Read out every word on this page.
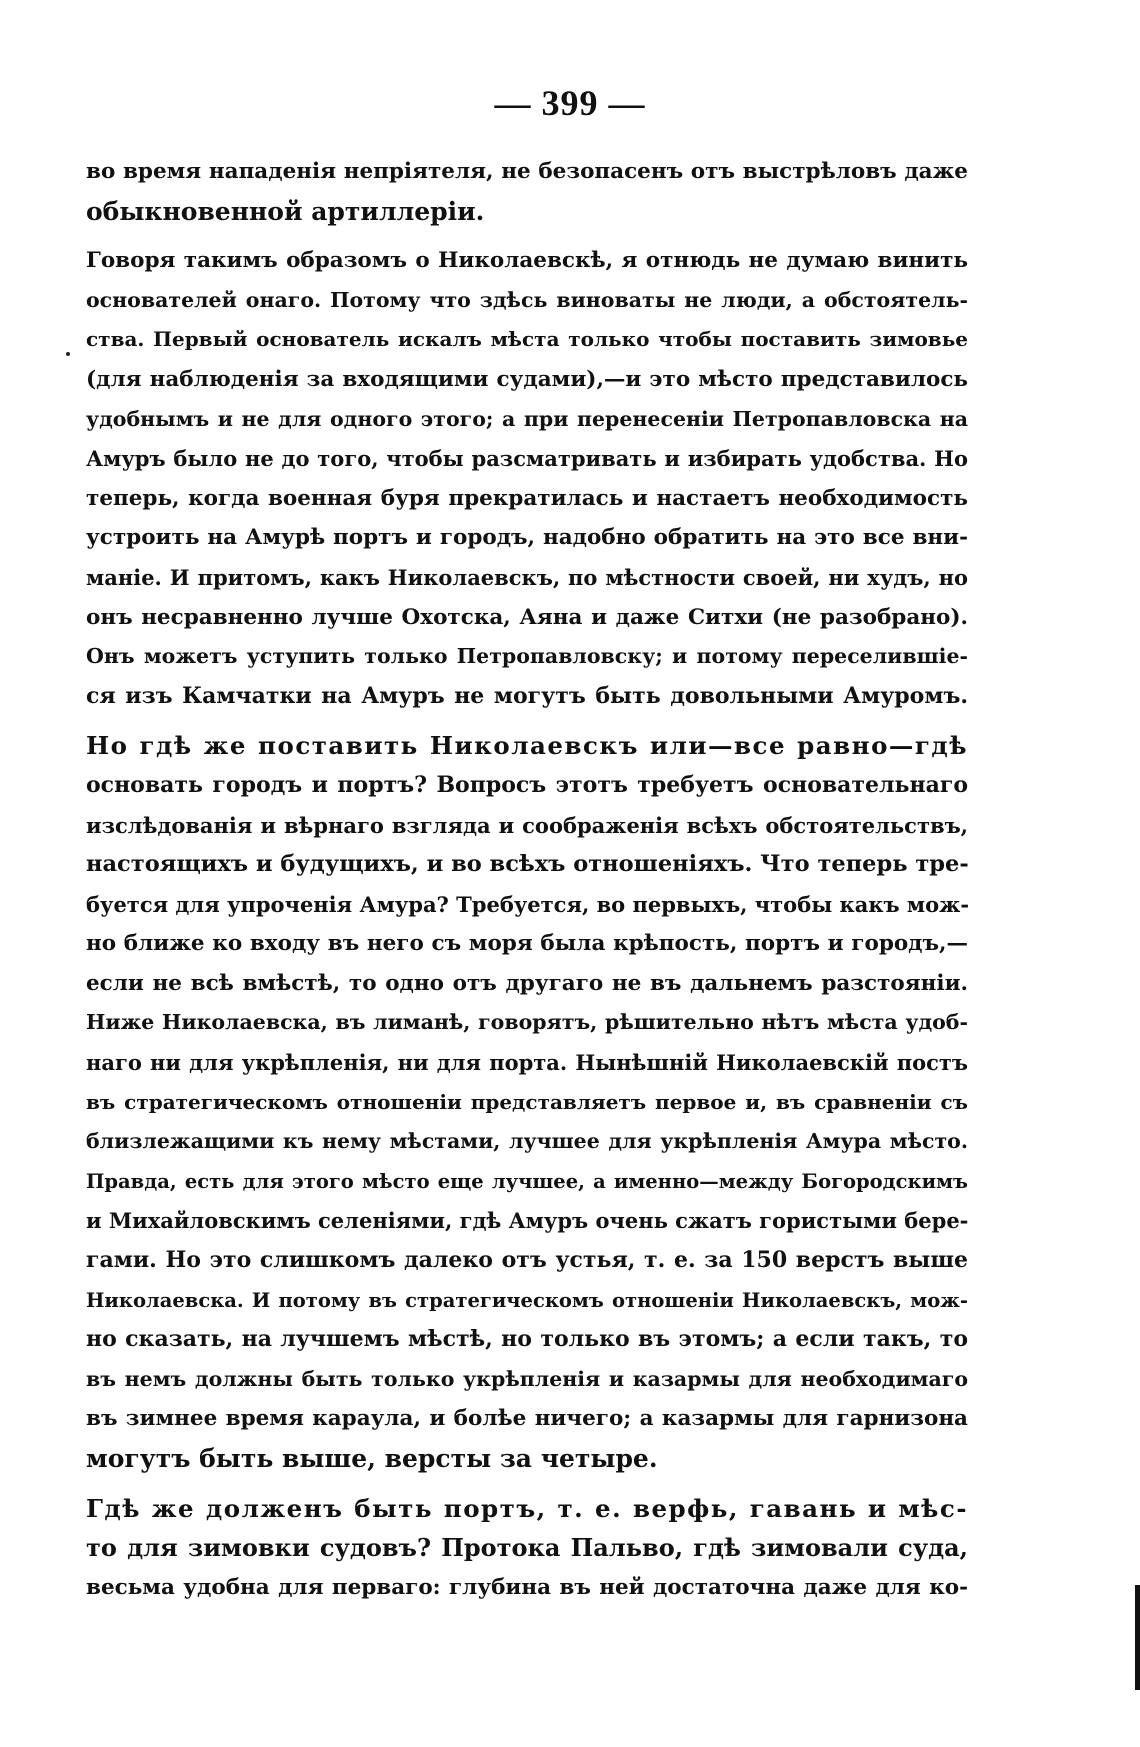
— 399 —
во время нападенія непріятеля, не безопасенъ отъ выстрѣловъ даже
обыкновенной артиллеріи.
Говоря такимъ образомъ о Николаевскѣ, я отнюдь не думаю винить
основателей онаго. Потому что здѣсь виноваты не люди, а обстоятель-
ства. Первый основатель искалъ мѣста только чтобы поставить зимовье
(для наблюденія за входящими судами),—и это мѣсто представилось
удобнымъ и не для одного этого; а при перенесеніи Петропавловска на
Амуръ было не до того, чтобы разсматривать и избирать удобства. Но
теперь, когда военная буря прекратилась и настаетъ необходимость
устроить на Амурѣ портъ и городъ, надобно обратить на это все вни-
маніе. И притомъ, какъ Николаевскъ, по мѣстности своей, ни худъ, но
онъ несравненно лучше Охотска, Аяна и даже Ситхи (не разобрано).
Онъ можетъ уступить только Петропавловску; и потому переселившіе-
ся изъ Камчатки на Амуръ не могутъ быть довольными Амуромъ.
Но гдѣ же поставить Николаевскъ или—все равно—гдѣ
основать городъ и портъ? Вопросъ этотъ требуетъ основательнаго
изслѣдованія и вѣрнаго взгляда и соображенія всѣхъ обстоятельствъ,
настоящихъ и будущихъ, и во всѣхъ отношеніяхъ. Что теперь тре-
буется для упроченія Амура? Требуется, во первыхъ, чтобы какъ мож-
но ближе ко входу въ него съ моря была крѣпость, портъ и городъ,—
если не всѣ вмѣстѣ, то одно отъ другаго не въ дальнемъ разстояніи.
Ниже Николаевска, въ лиманѣ, говорятъ, рѣшительно нѣтъ мѣста удоб-
наго ни для укрѣпленія, ни для порта. Нынѣшній Николаевскій постъ
въ стратегическомъ отношеніи представляетъ первое и, въ сравненіи съ
близлежащими къ нему мѣстами, лучшее для укрѣпленія Амура мѣсто.
Правда, есть для этого мѣсто еще лучшее, а именно—между Богородскимъ
и Михайловскимъ селеніями, гдѣ Амуръ очень сжатъ гористыми бере-
гами. Но это слишкомъ далеко отъ устья, т. е. за 150 верстъ выше
Николаевска. И потому въ стратегическомъ отношеніи Николаевскъ, мож-
но сказать, на лучшемъ мѣстѣ, но только въ этомъ; а если такъ, то
въ немъ должны быть только укрѣпленія и казармы для необходимаго
въ зимнее время караула, и болѣе ничего; а казармы для гарнизона
могутъ быть выше, версты за четыре.
Гдѣ же долженъ быть портъ, т. е. верфь, гавань и мѣс-
то для зимовки судовъ? Протока Пальво, гдѣ зимовали суда,
весьма удобна для перваго: глубина въ ней достаточна даже для ко-
